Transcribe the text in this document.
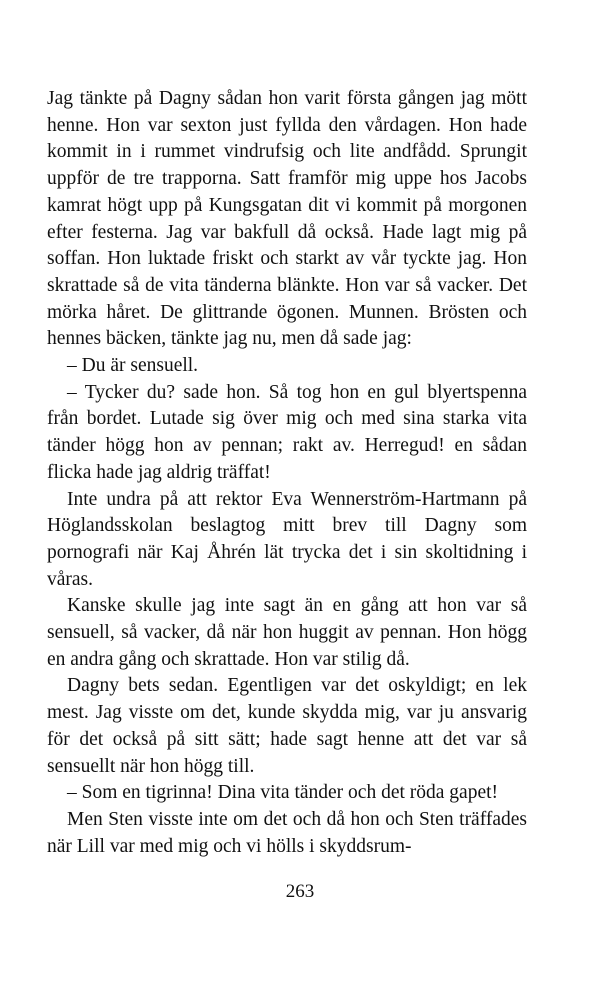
Jag tänkte på Dagny sådan hon varit första gången jag mött henne. Hon var sexton just fyllda den vårdagen. Hon hade kommit in i rummet vindrufsig och lite andfådd. Sprungit uppför de tre trapporna. Satt framför mig uppe hos Jacobs kamrat högt upp på Kungsgatan dit vi kommit på morgonen efter festerna. Jag var bakfull då också. Hade lagt mig på soffan. Hon luktade friskt och starkt av vår tyckte jag. Hon skrattade så de vita tänderna blänkte. Hon var så vacker. Det mörka håret. De glittrande ögonen. Munnen. Brösten och hennes bäcken, tänkte jag nu, men då sade jag:

– Du är sensuell.

– Tycker du? sade hon. Så tog hon en gul blyertspenna från bordet. Lutade sig över mig och med sina starka vita tänder högg hon av pennan; rakt av. Herregud! en sådan flicka hade jag aldrig träffat!

Inte undra på att rektor Eva Wennerström-Hartmann på Höglandsskolan beslagtog mitt brev till Dagny som pornografi när Kaj Åhrén lät trycka det i sin skoltidning i våras.

Kanske skulle jag inte sagt än en gång att hon var så sensuell, så vacker, då när hon huggit av pennan. Hon högg en andra gång och skrattade. Hon var stilig då.

Dagny bets sedan. Egentligen var det oskyldigt; en lek mest. Jag visste om det, kunde skydda mig, var ju ansvarig för det också på sitt sätt; hade sagt henne att det var så sensuellt när hon högg till.

– Som en tigrinna! Dina vita tänder och det röda gapet!

Men Sten visste inte om det och då hon och Sten träffades när Lill var med mig och vi hölls i skyddsrum-

263
